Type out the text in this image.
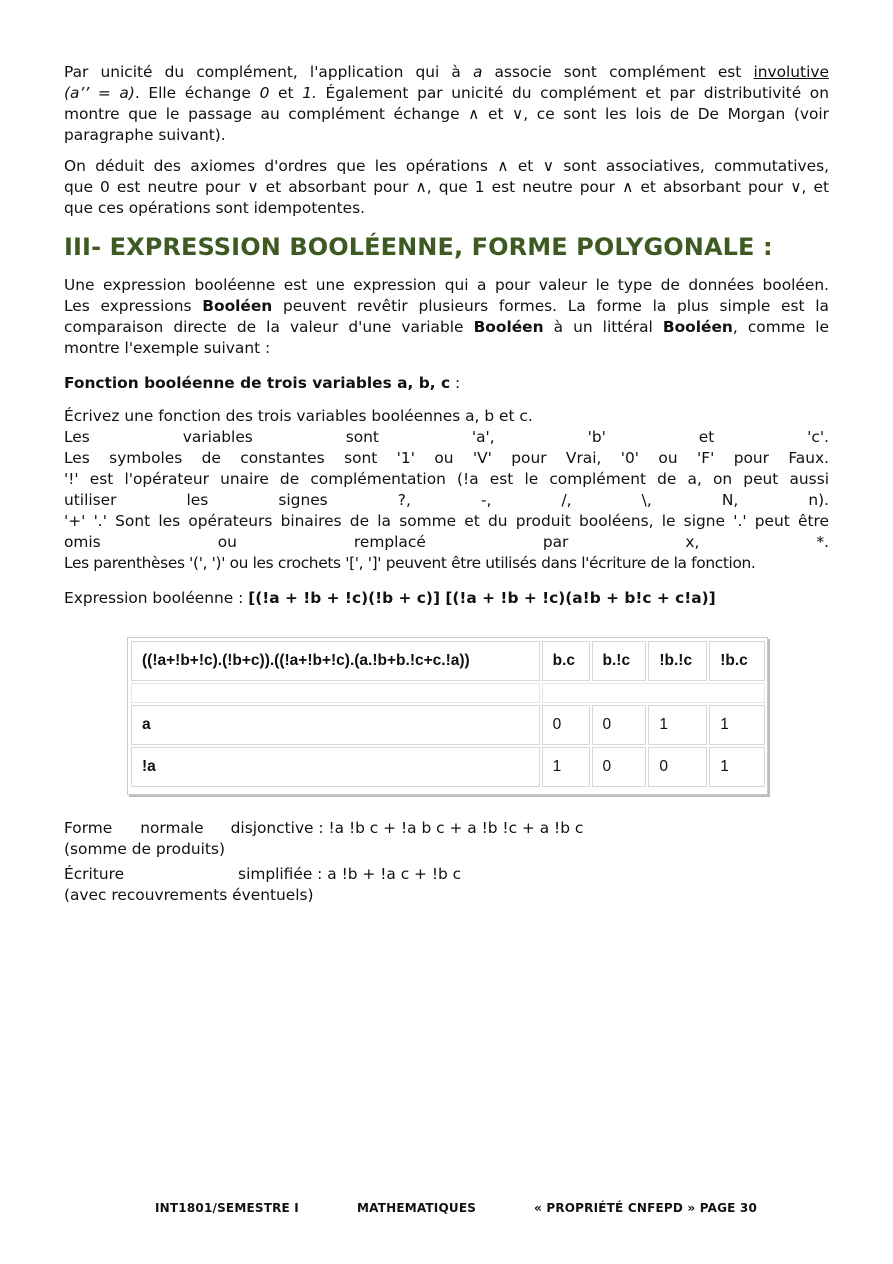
Par unicité du complément, l'application qui à a associe sont complément est involutive

(a’’ = a). Elle échange 0 et 1. Également par unicité du complément et par distributivité on

montre que le passage au complément échange ∧ et ∨, ce sont les lois de De Morgan (voir

paragraphe suivant).

On déduit des axiomes d'ordres que les opérations ∧ et ∨ sont associatives, commutatives,

que 0 est neutre pour ∨ et absorbant pour ∧, que 1 est neutre pour ∧ et absorbant pour ∨, et

que ces opérations sont idempotentes.

III- EXPRESSION BOOLÉENNE, FORME POLYGONALE :

Une expression booléenne est une expression qui a pour valeur le type de données booléen.

Les expressions Booléen peuvent revêtir plusieurs formes. La forme la plus simple est la

comparaison directe de la valeur d'une variable Booléen à un littéral Booléen, comme le

montre l'exemple suivant :

Fonction booléenne de trois variables a, b, c :

Écrivez une fonction des trois variables booléennes a, b et c.

Les variables sont 'a', 'b' et 'c'.

Les symboles de constantes sont '1' ou 'V' pour Vrai, '0' ou 'F' pour Faux.

'!' est l'opérateur unaire de complémentation (!a est le complément de a, on peut aussi

utiliser les signes ?, -, /, \, N, n).

'+' '.' Sont les opérateurs binaires de la somme et du produit booléens, le signe '.' peut être

omis ou remplacé par x, *.

Les parenthèses '(', ')' ou les crochets '[', ']' peuvent être utilisés dans l'écriture de la fonction.

Expression booléenne : [(!a + !b + !c)(!b + c)] [(!a + !b + !c)(a!b + b!c + c!a)]

((!a+!b+!c).(!b+c)).((!a+!b+!c).(a.!b+b.!c+c.!a))	b.c	b.!c	!b.!c	!b.c

a	0	0	1	1
!a	1	0	0	1

Forme normale disjonctive : !a !b c + !a b c + a !b !c + a !b c

(somme de produits)

Écriture	simplifiée : a !b + !a c + !b c

(avec recouvrements éventuels)

INT1801/SEMESTRE I	MATHEMATIQUES	« PROPRIÉTÉ CNFEPD » PAGE 30
